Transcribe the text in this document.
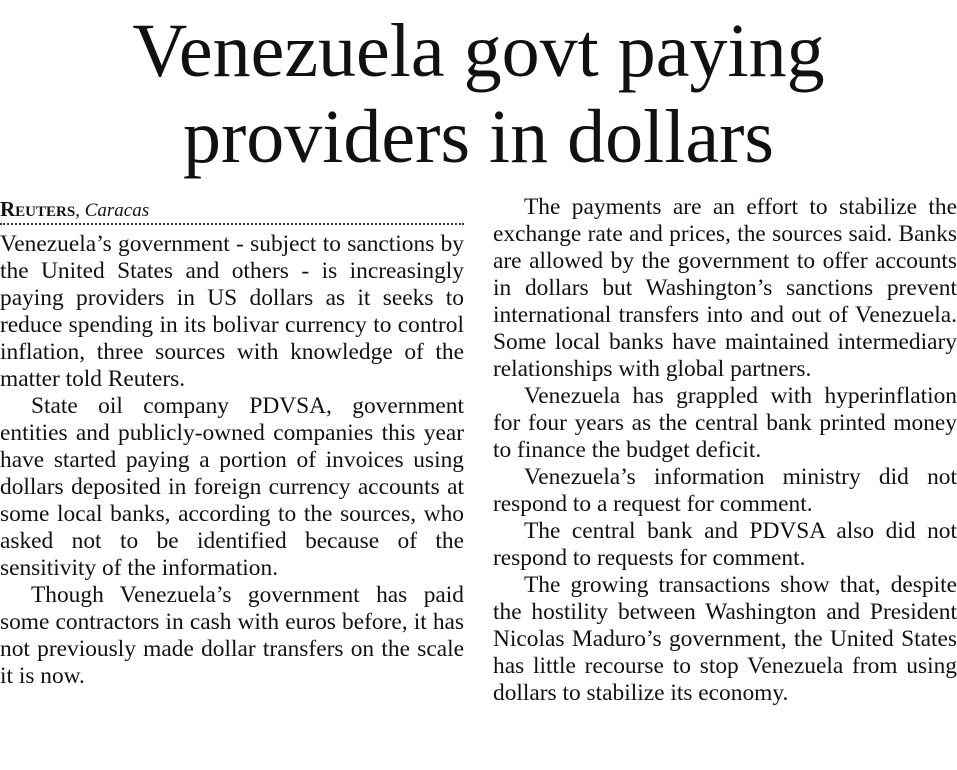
Venezuela govt paying
providers in dollars
Reuters, Caracas

Venezuela’s government - subject to sanctions by the United States and others - is increasingly paying providers in US dollars as it seeks to reduce spending in its bolivar currency to control inflation, three sources with knowledge of the matter told Reuters.

State oil company PDVSA, government entities and publicly-owned companies this year have started paying a portion of invoices using dollars deposited in foreign currency accounts at some local banks, according to the sources, who asked not to be identified because of the sensitivity of the information.

Though Venezuela’s government has paid some contractors in cash with euros before, it has not previously made dollar transfers on the scale it is now.

The payments are an effort to stabilize the exchange rate and prices, the sources said. Banks are allowed by the government to offer accounts in dollars but Washington’s sanctions prevent international transfers into and out of Venezuela. Some local banks have maintained intermediary relationships with global partners.

Venezuela has grappled with hyperinflation for four years as the central bank printed money to finance the budget deficit.

Venezuela’s information ministry did not respond to a request for comment.

The central bank and PDVSA also did not respond to requests for comment.

The growing transactions show that, despite the hostility between Washington and President Nicolas Maduro’s government, the United States has little recourse to stop Venezuela from using dollars to stabilize its economy.
